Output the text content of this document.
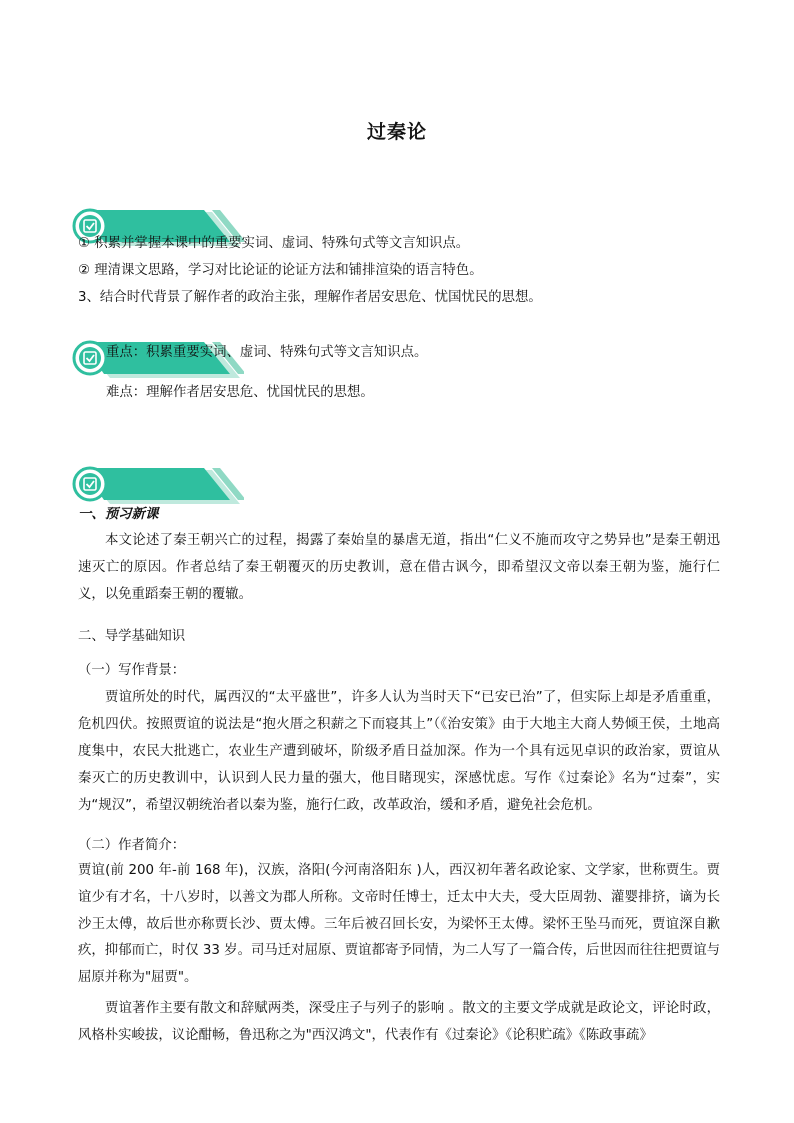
过秦论
① 积累并掌握本课中的重要实词、虚词、特殊句式等文言知识点。
② 理清课文思路，学习对比论证的论证方法和铺排渲染的语言特色。
3、结合时代背景了解作者的政治主张，理解作者居安思危、忧国忧民的思想。
重点：积累重要实词、虚词、特殊句式等文言知识点。
难点：理解作者居安思危、忧国忧民的思想。
一、预习新课
本文论述了秦王朝兴亡的过程，揭露了秦始皇的暴虐无道，指出“仁义不施而攻守之势异也”是秦王朝迅速灭亡的原因。作者总结了秦王朝覆灭的历史教训，意在借古讽今，即希望汉文帝以秦王朝为鉴，施行仁义，以免重蹈秦王朝的覆辙。
二、导学基础知识
（一）写作背景：
贾谊所处的时代，属西汉的“太平盛世”，许多人认为当时天下“已安已治”了，但实际上却是矛盾重重，危机四伏。按照贾谊的说法是“抱火厝之积薪之下而寝其上”（《治安策》由于大地主大商人势倾王侯，土地高度集中，农民大批逃亡，农业生产遭到破坏，阶级矛盾日益加深。作为一个具有远见卓识的政治家，贾谊从秦灭亡的历史教训中，认识到人民力量的强大，他目睹现实，深感忧虑。写作《过秦论》名为“过秦”，实为“规汉”，希望汉朝统治者以秦为鉴，施行仁政，改革政治，缓和矛盾，避免社会危机。
（二）作者简介：
贾谊(前 200 年-前 168 年)，汉族，洛阳(今河南洛阳东 )人，西汉初年著名政论家、文学家，世称贾生。贾谊少有才名，十八岁时，以善文为郡人所称。文帝时任博士，迁太中大夫，受大臣周勃、灌婴排挤，谪为长沙王太傅，故后世亦称贾长沙、贾太傅。三年后被召回长安，为梁怀王太傅。梁怀王坠马而死，贾谊深自歉疚，抑郁而亡，时仅 33 岁。司马迁对屈原、贾谊都寄予同情，为二人写了一篇合传，后世因而往往把贾谊与屈原并称为"屈贾"。
贾谊著作主要有散文和辞赋两类，深受庄子与列子的影响 。散文的主要文学成就是政论文，评论时政，风格朴实峻拔，议论酣畅，鲁迅称之为"西汉鸿文"，代表作有《过秦论》《论积贮疏》《陈政事疏》
